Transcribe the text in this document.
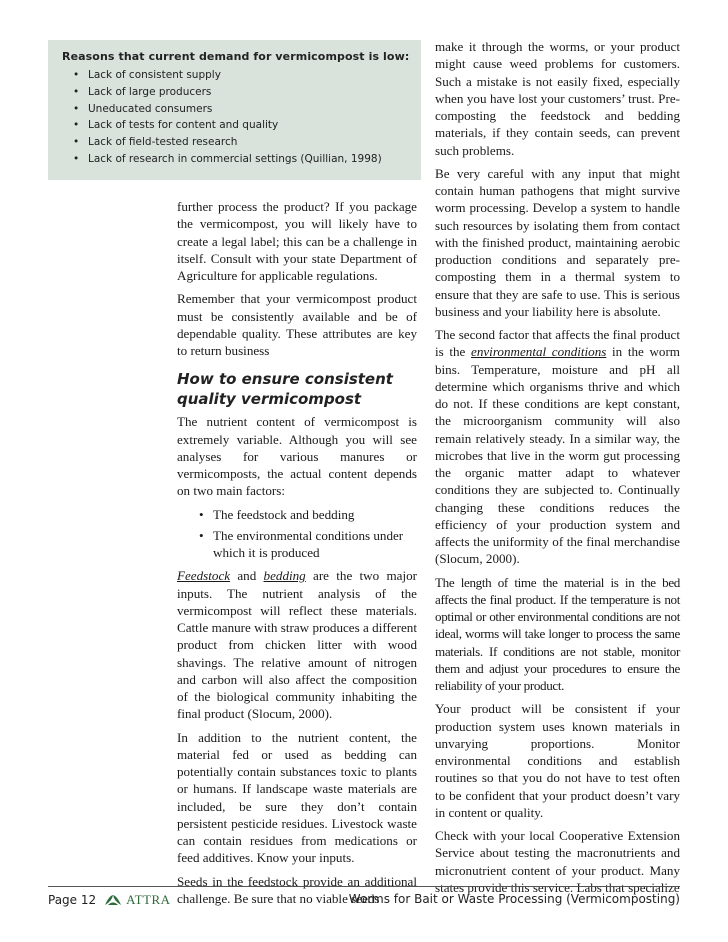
Reasons that current demand for vermicompost is low:
• Lack of consistent supply
• Lack of large producers
• Uneducated consumers
• Lack of tests for content and quality
• Lack of field-tested research
• Lack of research in commercial settings (Quillian, 1998)

further process the product? If you package the vermicompost, you will likely have to create a legal label; this can be a challenge in itself. Consult with your state Department of Agriculture for applicable regulations.

Remember that your vermicompost product must be consistently available and be of dependable quality. These attributes are key to return business

How to ensure consistent quality vermicompost

The nutrient content of vermicompost is extremely variable. Although you will see analyses for various manures or vermicomposts, the actual content depends on two main factors:

• The feedstock and bedding
• The environmental conditions under which it is produced

Feedstock and bedding are the two major inputs. The nutrient analysis of the vermicompost will reflect these materials. Cattle manure with straw produces a different product from chicken litter with wood shavings. The relative amount of nitrogen and carbon will also affect the composition of the biological community inhabiting the final product (Slocum, 2000).

In addition to the nutrient content, the material fed or used as bedding can potentially contain substances toxic to plants or humans. If landscape waste materials are included, be sure they don’t contain persistent pesticide residues. Livestock waste can contain residues from medications or feed additives. Know your inputs.

Seeds in the feedstock provide an additional challenge. Be sure that no viable seeds

make it through the worms, or your product might cause weed problems for customers. Such a mistake is not easily fixed, especially when you have lost your customers’ trust. Pre-composting the feedstock and bedding materials, if they contain seeds, can prevent such problems.

Be very careful with any input that might contain human pathogens that might survive worm processing. Develop a system to handle such resources by isolating them from contact with the finished product, maintaining aerobic production conditions and separately pre-composting them in a thermal system to ensure that they are safe to use. This is serious business and your liability here is absolute.

The second factor that affects the final product is the environmental conditions in the worm bins. Temperature, moisture and pH all determine which organisms thrive and which do not. If these conditions are kept constant, the microorganism community will also remain relatively steady. In a similar way, the microbes that live in the worm gut processing the organic matter adapt to whatever conditions they are subjected to. Continually changing these conditions reduces the efficiency of your production system and affects the uniformity of the final merchandise (Slocum, 2000).

The length of time the material is in the bed affects the final product. If the temperature is not optimal or other environmental conditions are not ideal, worms will take longer to process the same materials. If conditions are not stable, monitor them and adjust your procedures to ensure the reliability of your product.

Your product will be consistent if your production system uses known materials in unvarying proportions. Monitor environmental conditions and establish routines so that you do not have to test often to be confident that your product doesn’t vary in content or quality.

Check with your local Cooperative Extension Service about testing the macronutrients and micronutrient content of your product. Many states provide this service. Labs that specialize

Page 12 ATTRA	Worms for Bait or Waste Processing (Vermicomposting)
